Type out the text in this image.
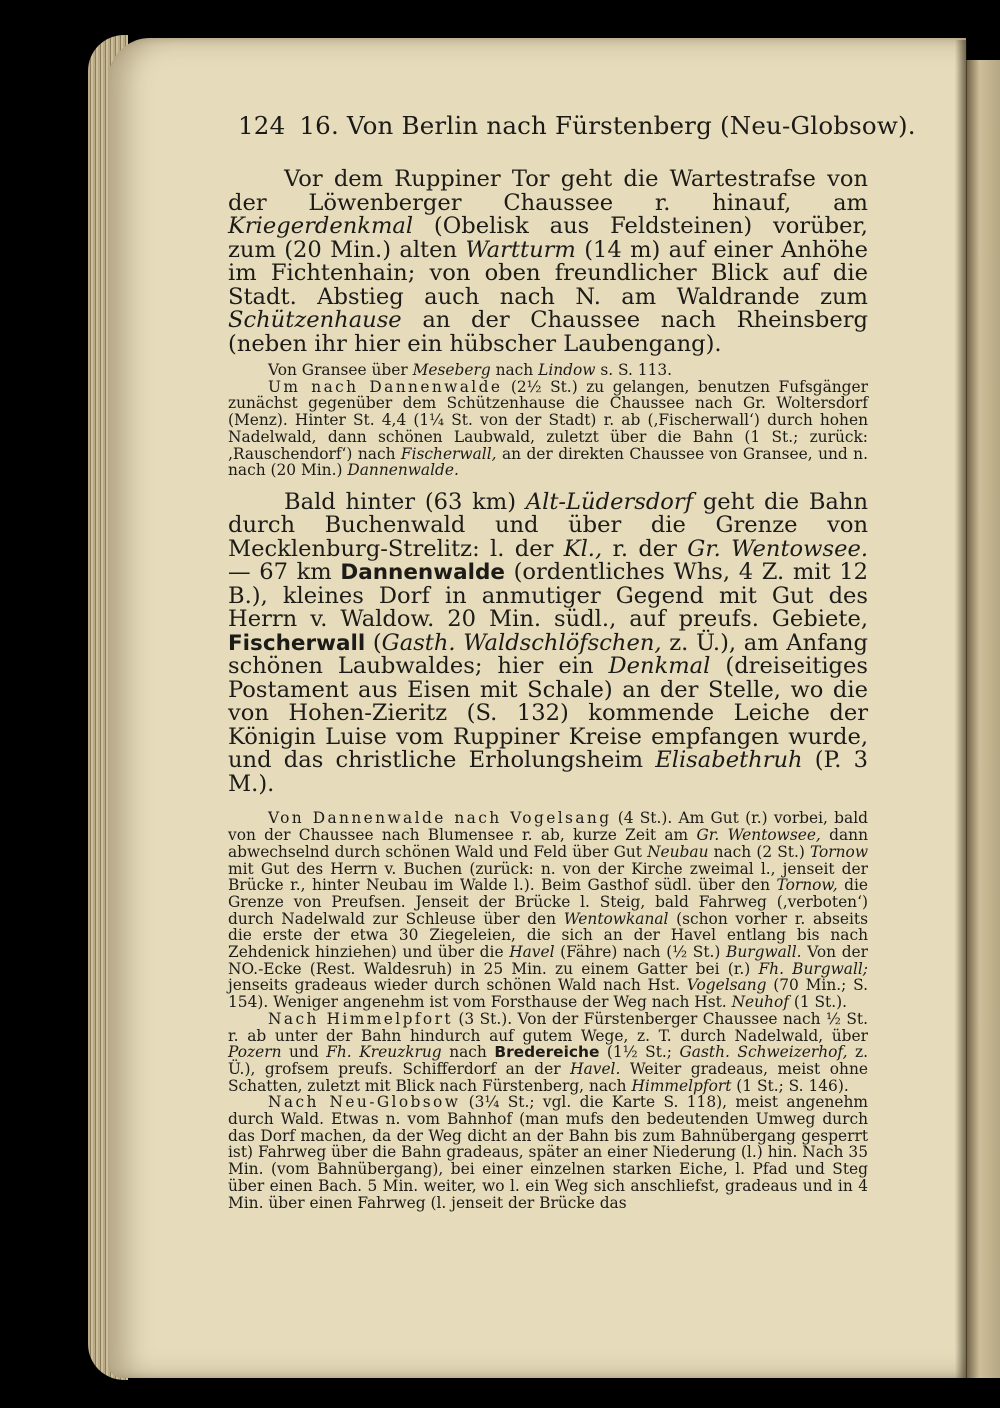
124 16. Von Berlin nach Fürstenberg (Neu-Globsow).

Vor dem Ruppiner Tor geht die Wartestrafse von der Löwenberger Chaussee r. hinauf, am Kriegerdenkmal (Obelisk aus Feldsteinen) vorüber, zum (20 Min.) alten Wartturm (14 m) auf einer Anhöhe im Fichtenhain; von oben freundlicher Blick auf die Stadt. Abstieg auch nach N. am Waldrande zum Schützenhause an der Chaussee nach Rheinsberg (neben ihr hier ein hübscher Laubengang).

Von Gransee über Meseberg nach Lindow s. S. 113.

Um nach Dannenwalde (2½ St.) zu gelangen, benutzen Fufsgänger zunächst gegenüber dem Schützenhause die Chaussee nach Gr. Woltersdorf (Menz). Hinter St. 4,4 (1¼ St. von der Stadt) r. ab (‚Fischerwall‘) durch hohen Nadelwald, dann schönen Laubwald, zuletzt über die Bahn (1 St.; zurück: ‚Rauschendorf‘) nach Fischerwall, an der direkten Chaussee von Gransee, und n. nach (20 Min.) Dannenwalde.

Bald hinter (63 km) Alt-Lüdersdorf geht die Bahn durch Buchenwald und über die Grenze von Mecklenburg-Strelitz: l. der Kl., r. der Gr. Wentowsee. — 67 km Dannenwalde (ordentliches Whs, 4 Z. mit 12 B.), kleines Dorf in anmutiger Gegend mit Gut des Herrn v. Waldow. 20 Min. südl., auf preufs. Gebiete, Fischerwall (Gasth. Waldschlöfschen, z. Ü.), am Anfang schönen Laubwaldes; hier ein Denkmal (dreiseitiges Postament aus Eisen mit Schale) an der Stelle, wo die von Hohen-Zieritz (S. 132) kommende Leiche der Königin Luise vom Ruppiner Kreise empfangen wurde, und das christliche Erholungsheim Elisabethruh (P. 3 M.).

Von Dannenwalde nach Vogelsang (4 St.). Am Gut (r.) vorbei, bald von der Chaussee nach Blumensee r. ab, kurze Zeit am Gr. Wentowsee, dann abwechselnd durch schönen Wald und Feld über Gut Neubau nach (2 St.) Tornow mit Gut des Herrn v. Buchen (zurück: n. von der Kirche zweimal l., jenseit der Brücke r., hinter Neubau im Walde l.). Beim Gasthof südl. über den Tornow, die Grenze von Preufsen. Jenseit der Brücke l. Steig, bald Fahrweg (‚verboten‘) durch Nadelwald zur Schleuse über den Wentowkanal (schon vorher r. abseits die erste der etwa 30 Ziegeleien, die sich an der Havel entlang bis nach Zehdenick hinziehen) und über die Havel (Fähre) nach (½ St.) Burgwall. Von der NO.-Ecke (Rest. Waldesruh) in 25 Min. zu einem Gatter bei (r.) Fh. Burgwall; jenseits gradeaus wieder durch schönen Wald nach Hst. Vogelsang (70 Min.; S. 154). Weniger angenehm ist vom Forsthause der Weg nach Hst. Neuhof (1 St.).

Nach Himmelpfort (3 St.). Von der Fürstenberger Chaussee nach ½ St. r. ab unter der Bahn hindurch auf gutem Wege, z. T. durch Nadelwald, über Pozern und Fh. Kreuzkrug nach Bredereiche (1½ St.; Gasth. Schweizerhof, z. Ü.), grofsem preufs. Schifferdorf an der Havel. Weiter gradeaus, meist ohne Schatten, zuletzt mit Blick nach Fürstenberg, nach Himmelpfort (1 St.; S. 146).

Nach Neu-Globsow (3¼ St.; vgl. die Karte S. 118), meist angenehm durch Wald. Etwas n. vom Bahnhof (man mufs den bedeutenden Umweg durch das Dorf machen, da der Weg dicht an der Bahn bis zum Bahnübergang gesperrt ist) Fahrweg über die Bahn gradeaus, später an einer Niederung (l.) hin. Nach 35 Min. (vom Bahnübergang), bei einer einzelnen starken Eiche, l. Pfad und Steg über einen Bach. 5 Min. weiter, wo l. ein Weg sich anschliefst, gradeaus und in 4 Min. über einen Fahrweg (l. jenseit der Brücke das
